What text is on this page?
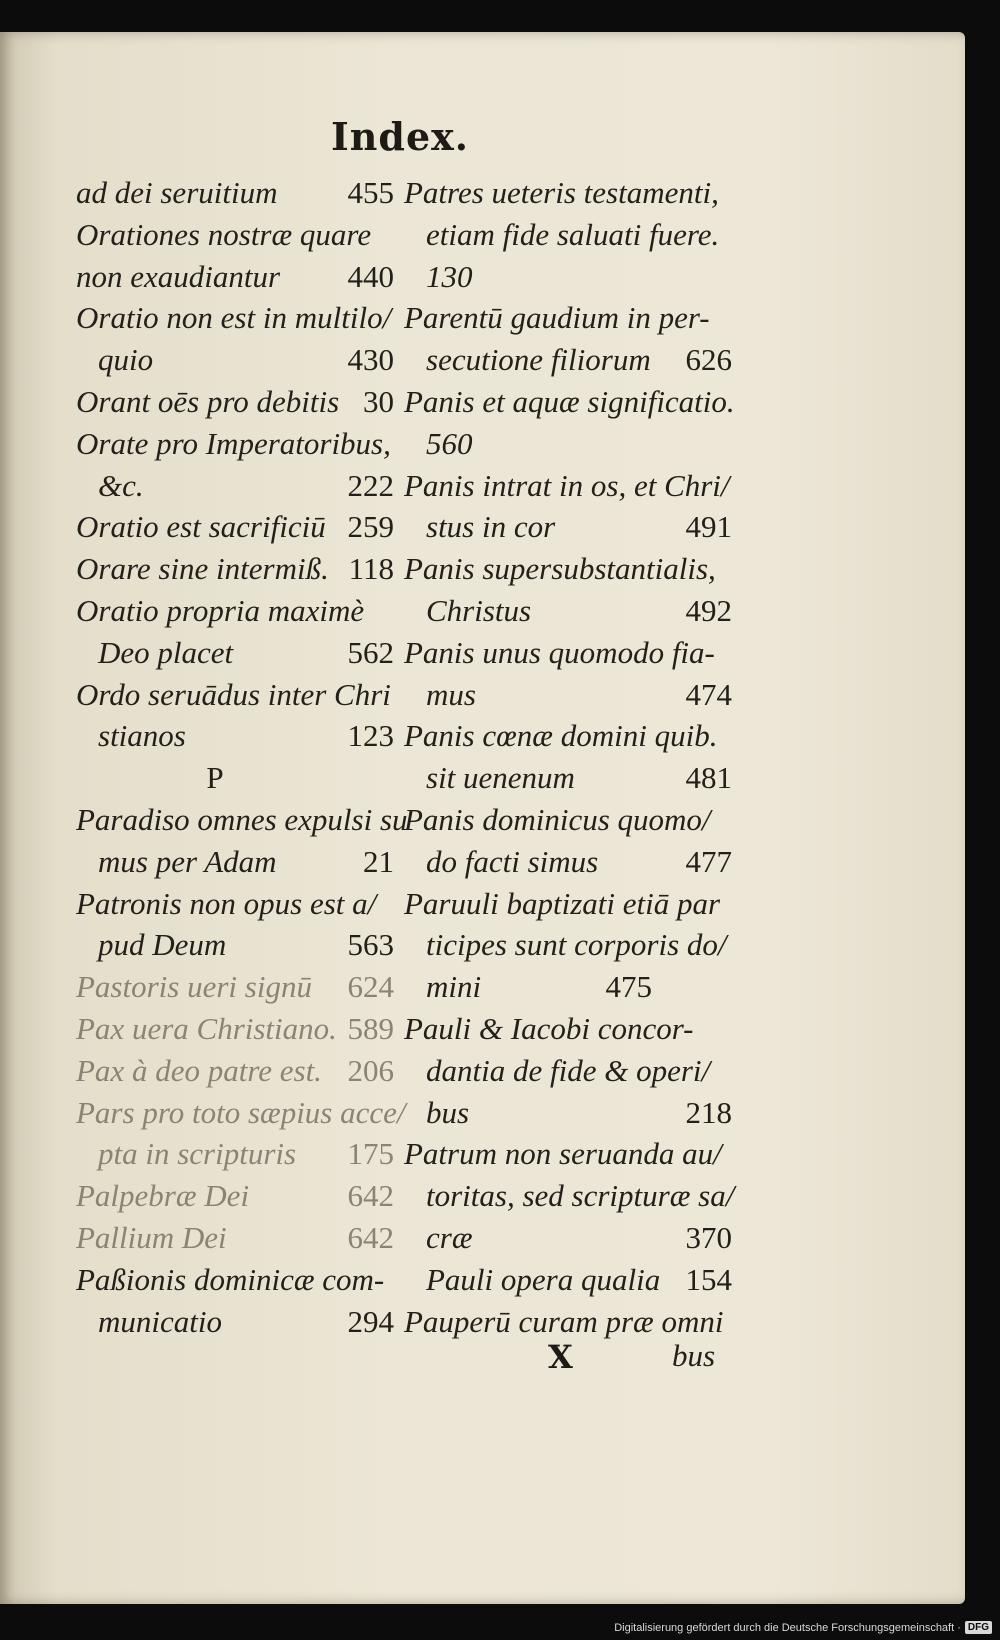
Index.
ad dei seruitium 455
Orationes nostræ quare
non exaudiantur 440
Oratio non est in multilo/
quio	430
Orant oēs pro debitis 30
Orate pro Imperatoribus,
&c.	222
Oratio est sacrificiū 259
Orare sine intermiß. 118
Oratio propria maximè
Deo placet	562
Ordo seruādus inter Chri
stianos	123
P
Paradiso omnes expulsi su
mus per Adam	21
Patronis non opus est a/
pud Deum	563
Pastoris ueri signū 624
Pax uera Christiano. 589
Pax à deo patre est. 206
Pars pro toto sæpius acce/
pta in scripturis 175
Palpebræ Dei	642
Pallium Dei	642
Paßionis dominicæ com-
municatio	294
Patres ueteris testamenti,
etiam fide saluati fuere.
130
Parentū gaudium in per-
secutione filiorum 626
Panis et aquæ significatio.
560
Panis intrat in os, et Chri/
stus in cor	491
Panis supersubstantialis,
Christus	492
Panis unus quomodo fia-
mus	474
Panis cœnæ domini quib.
sit uenenum	481
Panis dominicus quomo/
do facti simus	477
Paruuli baptizati etiā par
ticipes sunt corporis do/
mini	475
Pauli & Iacobi concor-
dantia de fide & operi/
bus	218
Patrum non seruanda au/
toritas, sed scripturæ sa/
cræ	370
Pauli opera qualia 154
Pauperū curam præ omni
X	bus
Digitalisierung gefördert durch die Deutsche Forschungsgemeinschaft · DFG
